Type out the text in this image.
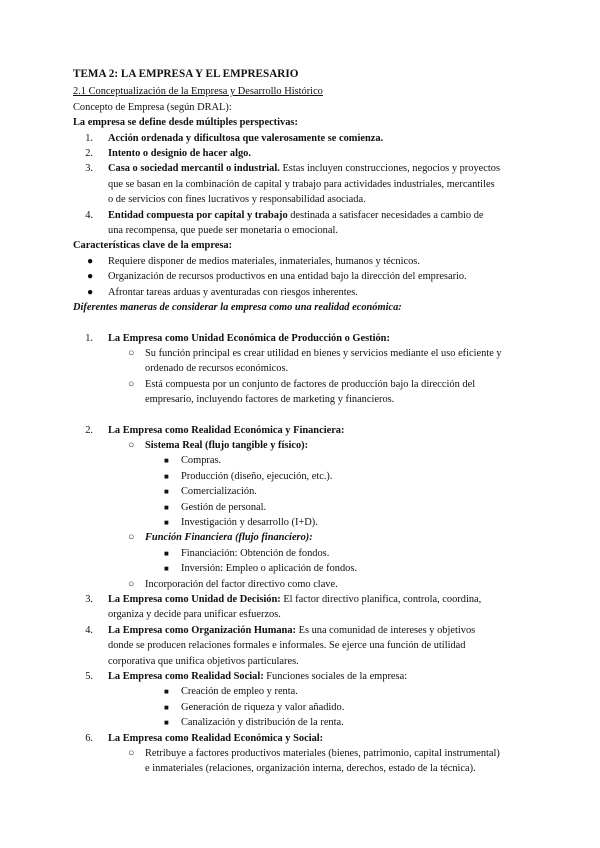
TEMA 2: LA EMPRESA Y EL EMPRESARIO
2.1 Conceptualización de la Empresa y Desarrollo Histórico
Concepto de Empresa (según DRAL):
La empresa se define desde múltiples perspectivas:
1. Acción ordenada y dificultosa que valerosamente se comienza.
2. Intento o designio de hacer algo.
3. Casa o sociedad mercantil o industrial. Estas incluyen construcciones, negocios y proyectos
que se basan en la combinación de capital y trabajo para actividades industriales, mercantiles
o de servicios con fines lucrativos y responsabilidad asociada.
4. Entidad compuesta por capital y trabajo destinada a satisfacer necesidades a cambio de
una recompensa, que puede ser monetaria o emocional.
Características clave de la empresa:
● Requiere disponer de medios materiales, inmateriales, humanos y técnicos.
● Organización de recursos productivos en una entidad bajo la dirección del empresario.
● Afrontar tareas arduas y aventuradas con riesgos inherentes.
Diferentes maneras de considerar la empresa como una realidad económica:
1. La Empresa como Unidad Económica de Producción o Gestión:
○ Su función principal es crear utilidad en bienes y servicios mediante el uso eficiente y
ordenado de recursos económicos.
○ Está compuesta por un conjunto de factores de producción bajo la dirección del
empresario, incluyendo factores de marketing y financieros.
2. La Empresa como Realidad Económica y Financiera:
○ Sistema Real (flujo tangible y físico):
■ Compras.
■ Producción (diseño, ejecución, etc.).
■ Comercialización.
■ Gestión de personal.
■ Investigación y desarrollo (I+D).
○ Función Financiera (flujo financiero):
■ Financiación: Obtención de fondos.
■ Inversión: Empleo o aplicación de fondos.
○ Incorporación del factor directivo como clave.
3. La Empresa como Unidad de Decisión: El factor directivo planifica, controla, coordina,
organiza y decide para unificar esfuerzos.
4. La Empresa como Organización Humana: Es una comunidad de intereses y objetivos
donde se producen relaciones formales e informales. Se ejerce una función de utilidad
corporativa que unifica objetivos particulares.
5. La Empresa como Realidad Social: Funciones sociales de la empresa:
■ Creación de empleo y renta.
■ Generación de riqueza y valor añadido.
■ Canalización y distribución de la renta.
6. La Empresa como Realidad Económica y Social:
○ Retribuye a factores productivos materiales (bienes, patrimonio, capital instrumental)
e inmateriales (relaciones, organización interna, derechos, estado de la técnica).
